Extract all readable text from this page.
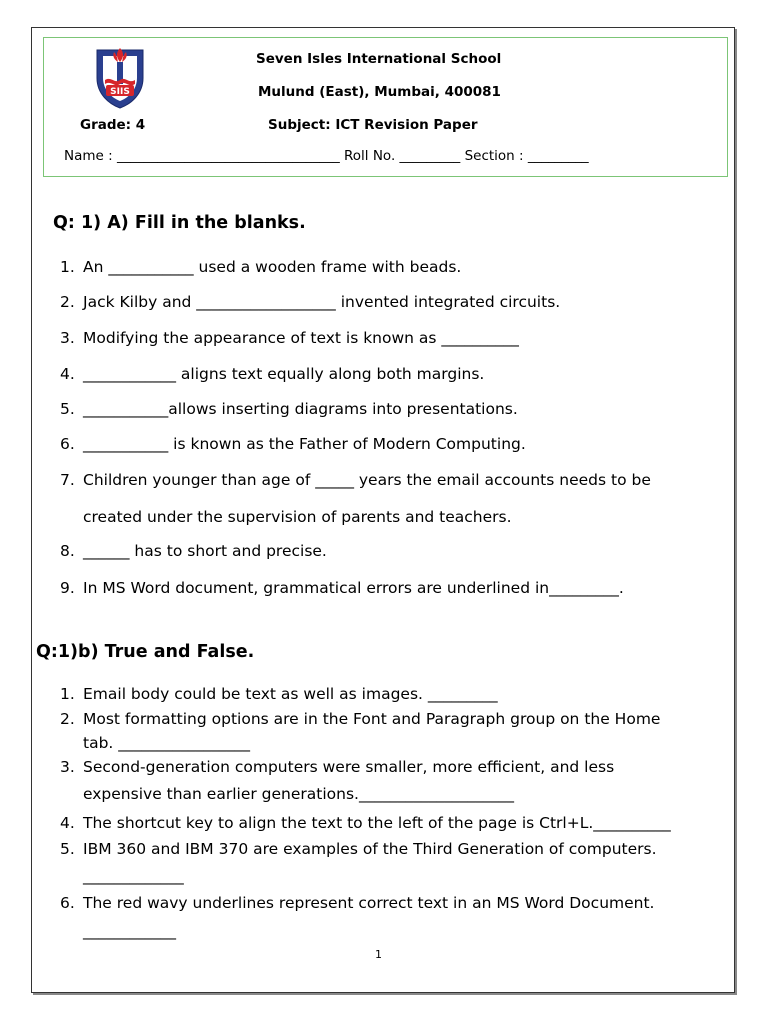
SIIS
Seven Isles International School
Mulund (East), Mumbai, 400081
Grade: 4	Subject: ICT Revision Paper
Name : _________________________________ Roll No. _________ Section : _________
Q: 1) A) Fill in the blanks.
1. An ___________ used a wooden frame with beads.
2. Jack Kilby and __________________ invented integrated circuits.
3. Modifying the appearance of text is known as __________
4. ____________ aligns text equally along both margins.
5. ___________allows inserting diagrams into presentations.
6. ___________ is known as the Father of Modern Computing.
7. Children younger than age of _____ years the email accounts needs to be
created under the supervision of parents and teachers.
8. ______ has to short and precise.
9. In MS Word document, grammatical errors are underlined in_________.
Q:1)b) True and False.
1. Email body could be text as well as images. _________
2. Most formatting options are in the Font and Paragraph group on the Home
tab. _________________
3. Second-generation computers were smaller, more efficient, and less
expensive than earlier generations.____________________
4. The shortcut key to align the text to the left of the page is Ctrl+L.__________
5. IBM 360 and IBM 370 are examples of the Third Generation of computers.
_____________
6. The red wavy underlines represent correct text in an MS Word Document.
____________
1
